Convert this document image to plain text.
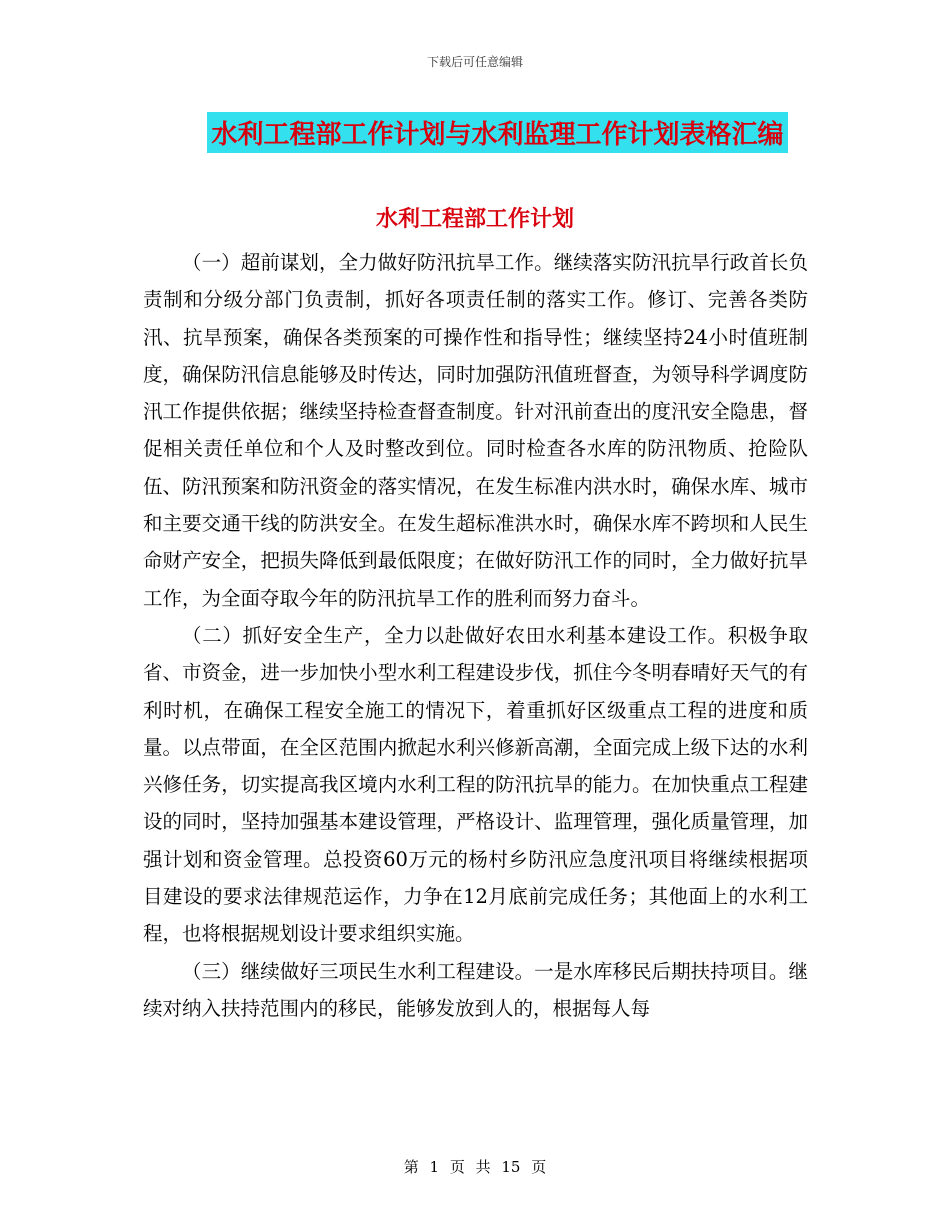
下载后可任意编辑
水利工程部工作计划与水利监理工作计划表格汇编
水利工程部工作计划

（一）超前谋划，全力做好防汛抗旱工作。继续落实防汛抗旱行政首长负责制和分级分部门负责制，抓好各项责任制的落实工作。修订、完善各类防汛、抗旱预案，确保各类预案的可操作性和指导性；继续坚持24小时值班制度，确保防汛信息能够及时传达，同时加强防汛值班督查，为领导科学调度防汛工作提供依据；继续坚持检查督查制度。针对汛前查出的度汛安全隐患，督促相关责任单位和个人及时整改到位。同时检查各水库的防汛物质、抢险队伍、防汛预案和防汛资金的落实情况，在发生标准内洪水时，确保水库、城市和主要交通干线的防洪安全。在发生超标准洪水时，确保水库不跨坝和人民生命财产安全，把损失降低到最低限度；在做好防汛工作的同时，全力做好抗旱工作，为全面夺取今年的防汛抗旱工作的胜利而努力奋斗。

（二）抓好安全生产，全力以赴做好农田水利基本建设工作。积极争取省、市资金，进一步加快小型水利工程建设步伐，抓住今冬明春晴好天气的有利时机，在确保工程安全施工的情况下，着重抓好区级重点工程的进度和质量。以点带面，在全区范围内掀起水利兴修新高潮，全面完成上级下达的水利兴修任务，切实提高我区境内水利工程的防汛抗旱的能力。在加快重点工程建设的同时，坚持加强基本建设管理，严格设计、监理管理，强化质量管理，加强计划和资金管理。总投资60万元的杨村乡防汛应急度汛项目将继续根据项目建设的要求法律规范运作，力争在12月底前完成任务；其他面上的水利工程，也将根据规划设计要求组织实施。

（三）继续做好三项民生水利工程建设。一是水库移民后期扶持项目。继续对纳入扶持范围内的移民，能够发放到人的，根据每人每

第 1 页 共 15 页
